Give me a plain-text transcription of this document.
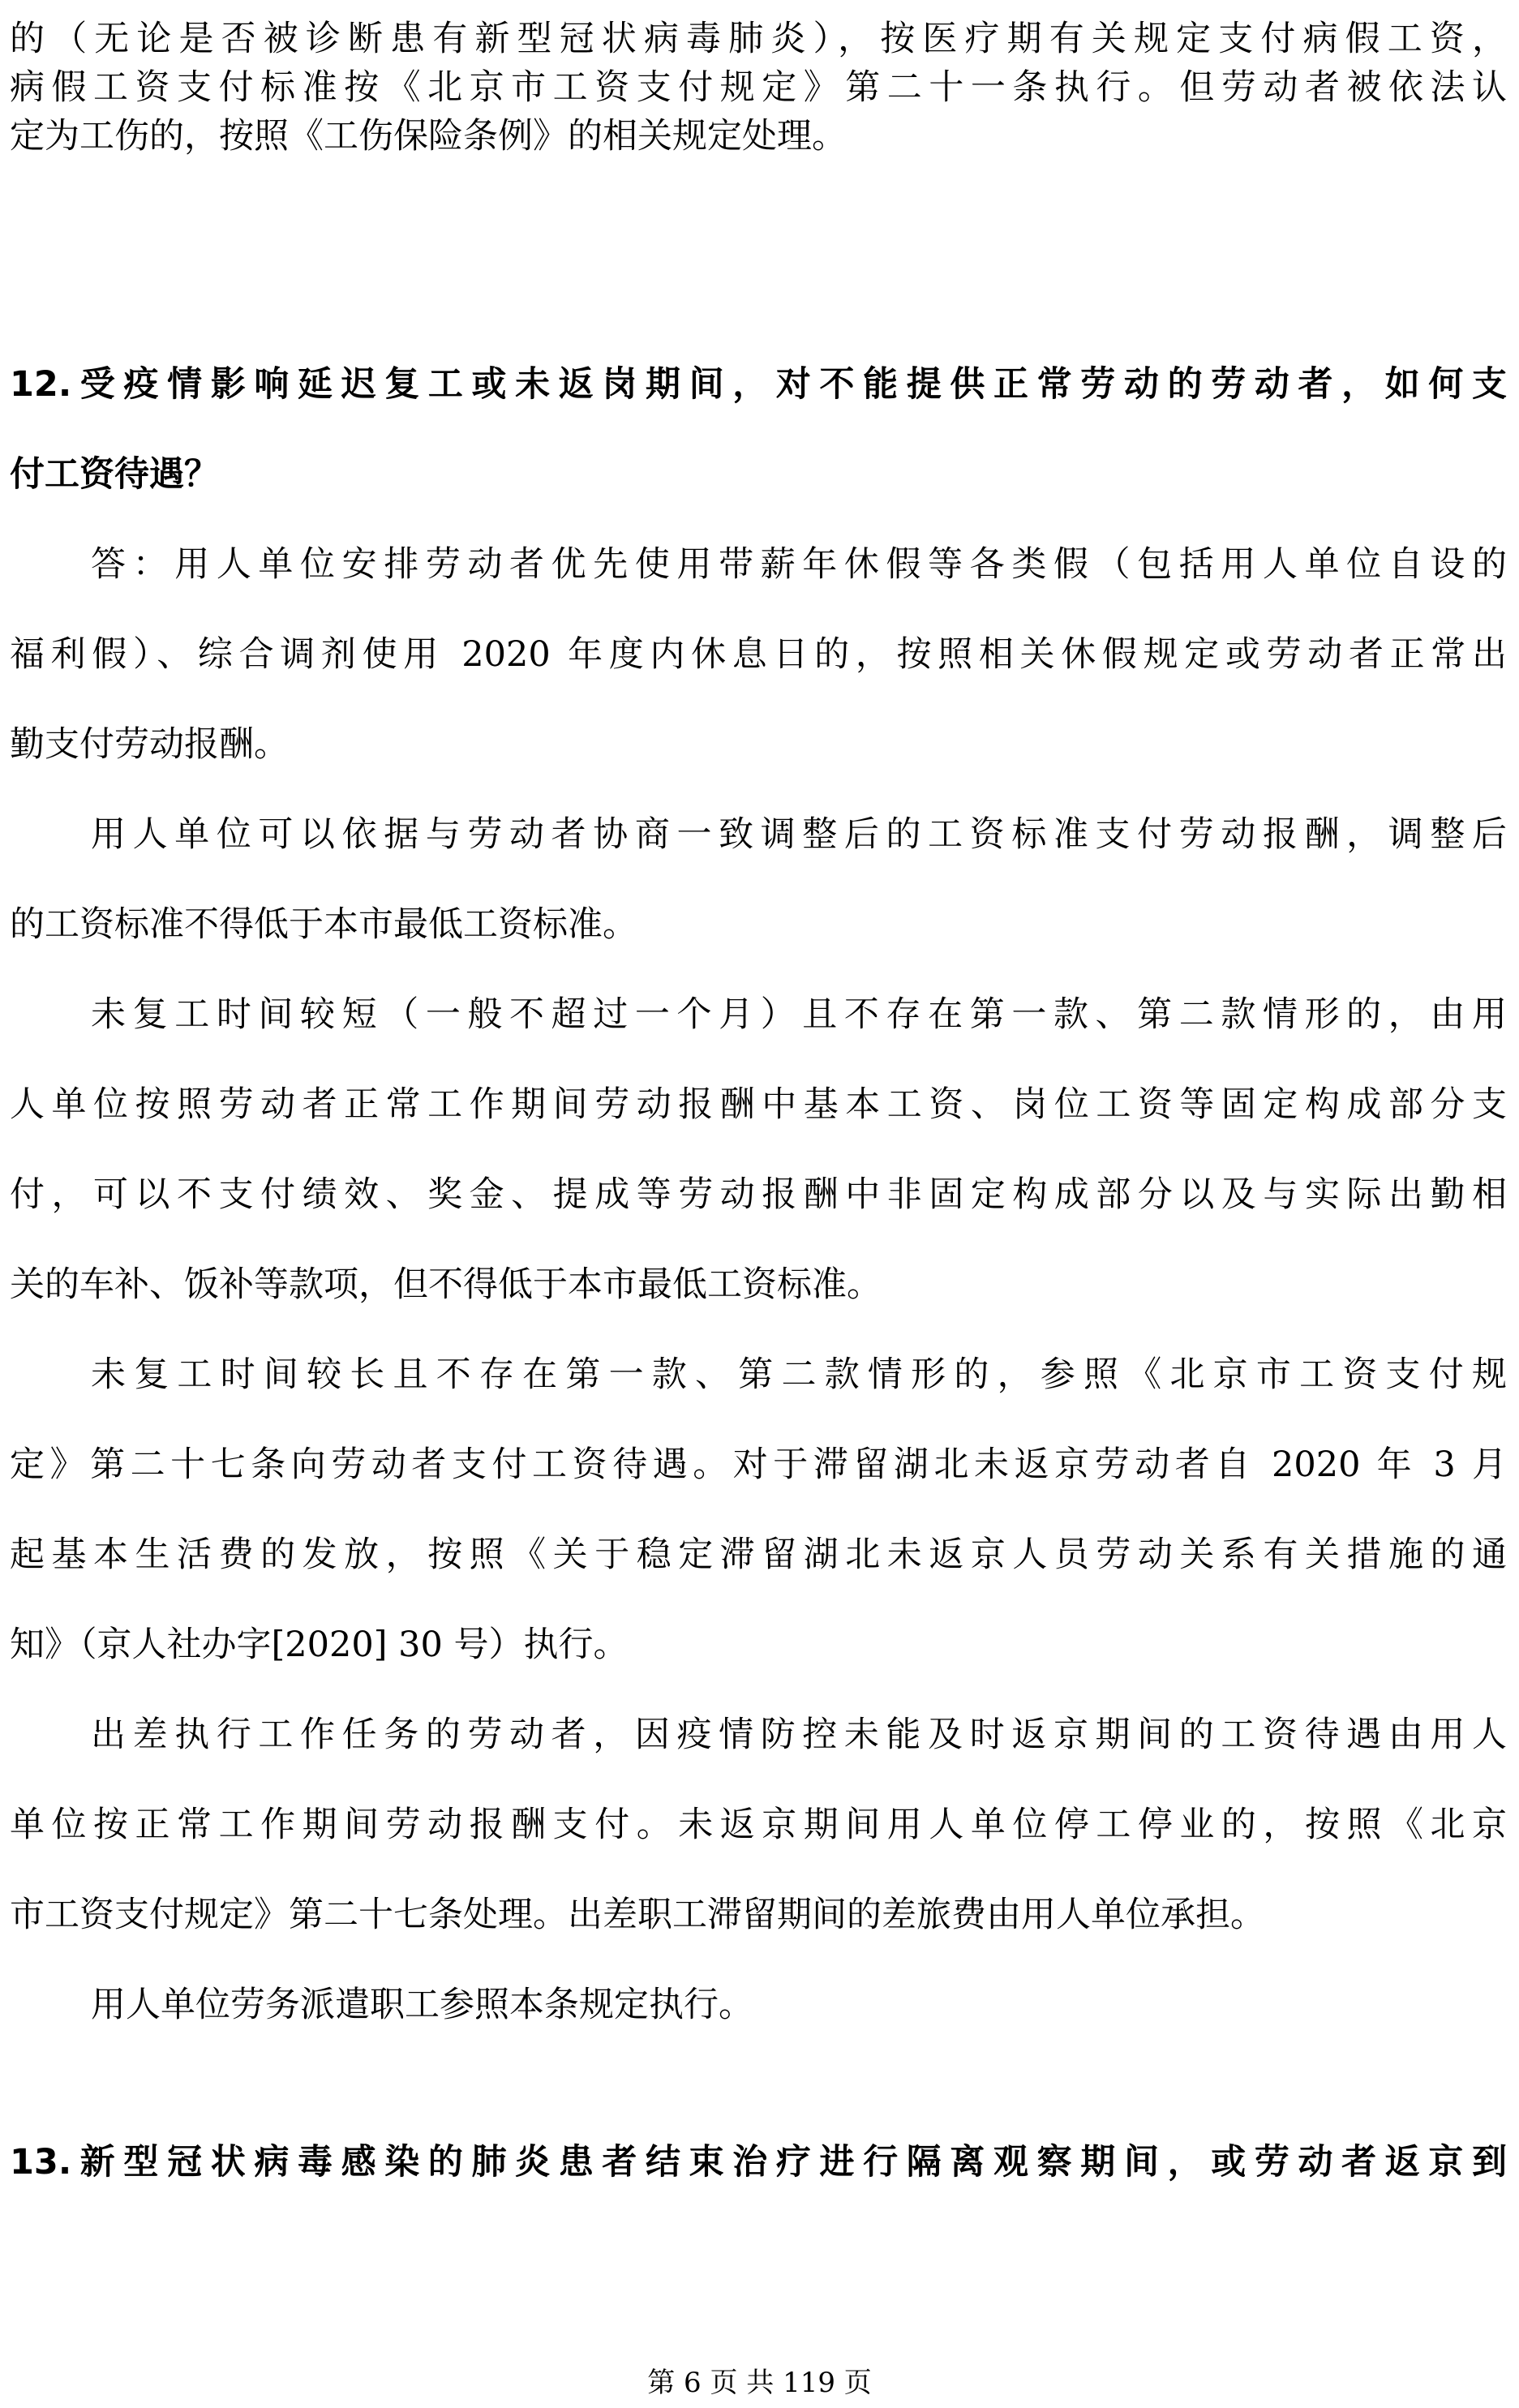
的（无论是否被诊断患有新型冠状病毒肺炎），按医疗期有关规定支付病假工资，
病假工资支付标准按《北京市工资支付规定》第二十一条执行。但劳动者被依法认
定为工伤的，按照《工伤保险条例》的相关规定处理。
12.受疫情影响延迟复工或未返岗期间，对不能提供正常劳动的劳动者，如何支
付工资待遇？
答：用人单位安排劳动者优先使用带薪年休假等各类假（包括用人单位自设的
福利假）、综合调剂使用 2020 年度内休息日的，按照相关休假规定或劳动者正常出
勤支付劳动报酬。
用人单位可以依据与劳动者协商一致调整后的工资标准支付劳动报酬，调整后
的工资标准不得低于本市最低工资标准。
未复工时间较短（一般不超过一个月）且不存在第一款、第二款情形的，由用
人单位按照劳动者正常工作期间劳动报酬中基本工资、岗位工资等固定构成部分支
付，可以不支付绩效、奖金、提成等劳动报酬中非固定构成部分以及与实际出勤相
关的车补、饭补等款项，但不得低于本市最低工资标准。
未复工时间较长且不存在第一款、第二款情形的，参照《北京市工资支付规
定》第二十七条向劳动者支付工资待遇。对于滞留湖北未返京劳动者自 2020 年 3 月
起基本生活费的发放，按照《关于稳定滞留湖北未返京人员劳动关系有关措施的通
知》（京人社办字[2020] 30 号）执行。
出差执行工作任务的劳动者，因疫情防控未能及时返京期间的工资待遇由用人
单位按正常工作期间劳动报酬支付。未返京期间用人单位停工停业的，按照《北京
市工资支付规定》第二十七条处理。出差职工滞留期间的差旅费由用人单位承担。
用人单位劳务派遣职工参照本条规定执行。
13.新型冠状病毒感染的肺炎患者结束治疗进行隔离观察期间，或劳动者返京到
第 6 页 共 119 页
